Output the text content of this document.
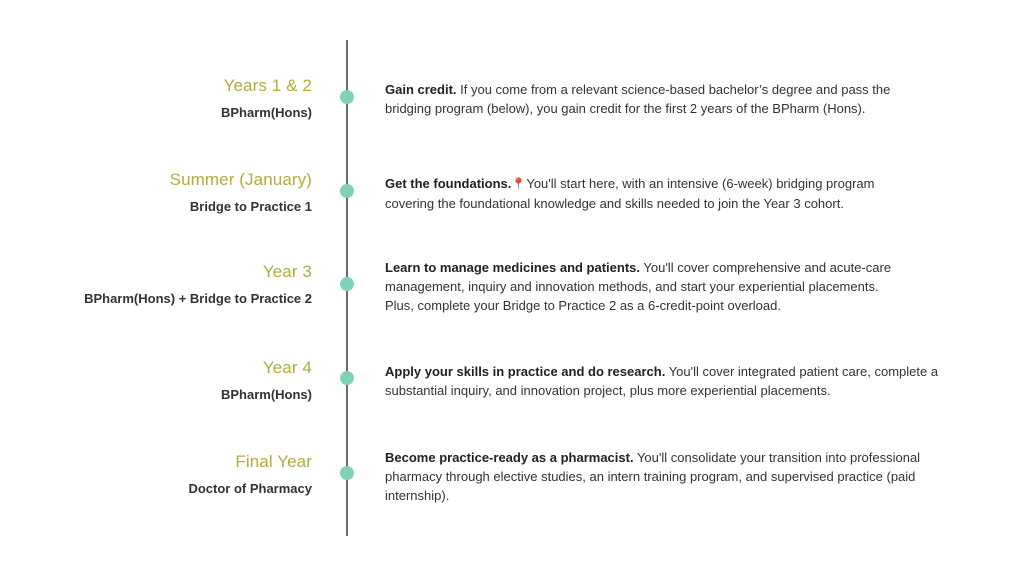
Years 1 & 2
BPharm(Hons)
Gain credit. If you come from a relevant science-based bachelor’s degree and pass the bridging program (below), you gain credit for the first 2 years of the BPharm (Hons).
Summer (January)
Bridge to Practice 1
Get the foundations.📍You'll start here, with an intensive (6-week) bridging program covering the foundational knowledge and skills needed to join the Year 3 cohort.
Year 3
BPharm(Hons) + Bridge to Practice 2
Learn to manage medicines and patients. You'll cover comprehensive and acute-care management, inquiry and innovation methods, and start your experiential placements. Plus, complete your Bridge to Practice 2 as a 6-credit-point overload.
Year 4
BPharm(Hons)
Apply your skills in practice and do research. You'll cover integrated patient care, complete a substantial inquiry, and innovation project, plus more experiential placements.
Final Year
Doctor of Pharmacy
Become practice-ready as a pharmacist. You'll consolidate your transition into professional pharmacy through elective studies, an intern training program, and supervised practice (paid internship).
